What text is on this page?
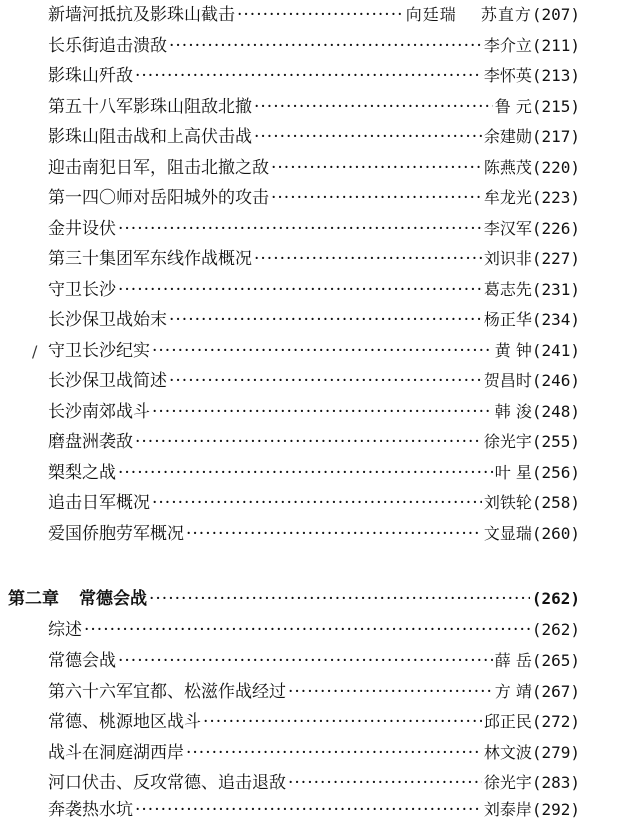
新墙河抵抗及影珠山截击 ·····	向廷瑞 苏直方 (207)
长乐街追击溃敌 ·····	李介立 (211)
影珠山歼敌 ·····	李怀英 (213)
第五十八军影珠山阻敌北撤 ·····	鲁 元 (215)
影珠山阻击战和上高伏击战 ·····	余建勋 (217)
迎击南犯日军，阻击北撤之敌 ·····	陈燕茂 (220)
第一四〇师对岳阳城外的攻击 ·····	牟龙光 (223)
金井设伏 ·····	李汉军 (226)
第三十集团军东线作战概况 ·····	刘识非 (227)
守卫长沙 ·····	葛志先 (231)
长沙保卫战始末 ·····	杨正华 (234)
/ 守卫长沙纪实 ·····	黄 钟 (241)
长沙保卫战简述 ·····	贺昌时 (246)
长沙南郊战斗 ·····	韩 浚 (248)
磨盘洲袭敌 ·····	徐光宇 (255)
槊梨之战 ·····	叶 星 (256)
追击日军概况 ·····	刘铁轮 (258)
爱国侨胞劳军概况 ·····	文显瑞 (260)
第二章 常德会战 ·····	(262)
综述 ·····	(262)
常德会战 ·····	薛 岳 (265)
第六十六军宜都、松滋作战经过 ·····	方 靖 (267)
常德、桃源地区战斗 ·····	邱正民 (272)
战斗在洞庭湖西岸 ·····	林文波 (279)
河口伏击、反攻常德、追击退敌 ·····	徐光宇 (283)
奔袭热水坑 ·····	刘泰岸 (292)
